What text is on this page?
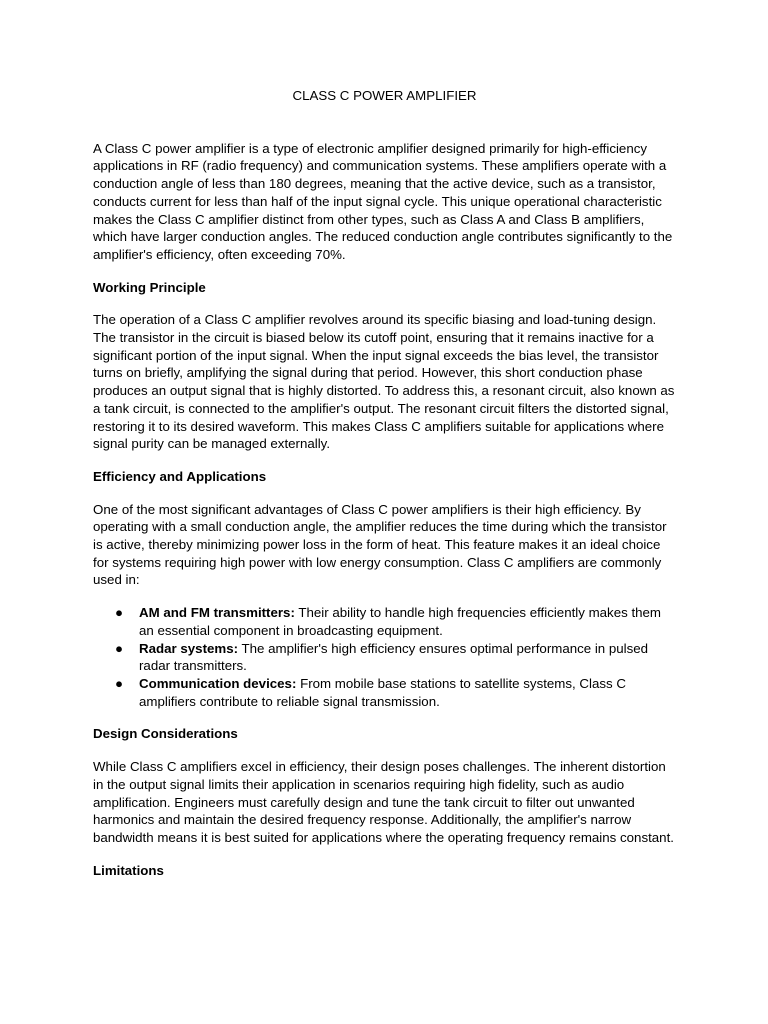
CLASS C POWER AMPLIFIER

A Class C power amplifier is a type of electronic amplifier designed primarily for high-efficiency applications in RF (radio frequency) and communication systems. These amplifiers operate with a conduction angle of less than 180 degrees, meaning that the active device, such as a transistor, conducts current for less than half of the input signal cycle. This unique operational characteristic makes the Class C amplifier distinct from other types, such as Class A and Class B amplifiers, which have larger conduction angles. The reduced conduction angle contributes significantly to the amplifier's efficiency, often exceeding 70%.

Working Principle

The operation of a Class C amplifier revolves around its specific biasing and load-tuning design. The transistor in the circuit is biased below its cutoff point, ensuring that it remains inactive for a significant portion of the input signal. When the input signal exceeds the bias level, the transistor turns on briefly, amplifying the signal during that period. However, this short conduction phase produces an output signal that is highly distorted. To address this, a resonant circuit, also known as a tank circuit, is connected to the amplifier's output. The resonant circuit filters the distorted signal, restoring it to its desired waveform. This makes Class C amplifiers suitable for applications where signal purity can be managed externally.

Efficiency and Applications

One of the most significant advantages of Class C power amplifiers is their high efficiency. By operating with a small conduction angle, the amplifier reduces the time during which the transistor is active, thereby minimizing power loss in the form of heat. This feature makes it an ideal choice for systems requiring high power with low energy consumption. Class C amplifiers are commonly used in:

● AM and FM transmitters: Their ability to handle high frequencies efficiently makes them an essential component in broadcasting equipment.
● Radar systems: The amplifier's high efficiency ensures optimal performance in pulsed radar transmitters.
● Communication devices: From mobile base stations to satellite systems, Class C amplifiers contribute to reliable signal transmission.
Design Considerations

While Class C amplifiers excel in efficiency, their design poses challenges. The inherent distortion in the output signal limits their application in scenarios requiring high fidelity, such as audio amplification. Engineers must carefully design and tune the tank circuit to filter out unwanted harmonics and maintain the desired frequency response. Additionally, the amplifier's narrow bandwidth means it is best suited for applications where the operating frequency remains constant.

Limitations
